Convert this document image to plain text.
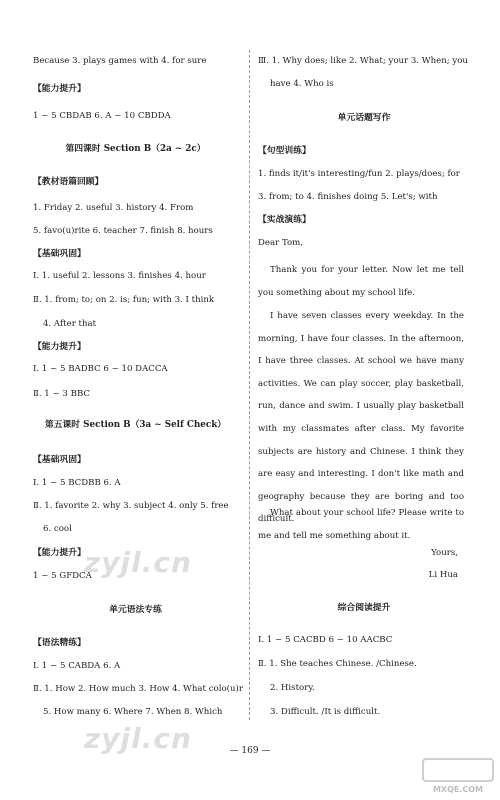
Because 3. plays games with 4. for sure
【能力提升】
1 ~ 5 CBDAB 6. A ~ 10 CBDDA
第四课时 Section B（2a ~ 2c）
【教材语篇回顾】
1. Friday 2. useful 3. history 4. From
5. favo(u)rite 6. teacher 7. finish 8. hours
【基础巩固】
Ⅰ. 1. useful 2. lessons 3. finishes 4. hour
Ⅱ. 1. from; to; on 2. is; fun; with 3. I think
4. After that
【能力提升】
Ⅰ. 1 ~ 5 BADBC 6 ~ 10 DACCA
Ⅱ. 1 ~ 3 BBC
第五课时 Section B（3a ~ Self Check）
【基础巩固】
Ⅰ. 1 ~ 5 BCDBB 6. A
Ⅱ. 1. favorite 2. why 3. subject 4. only 5. free
6. cool
【能力提升】
1 ~ 5 GFDCA
单元语法专练
【语法精练】
Ⅰ. 1 ~ 5 CABDA 6. A
Ⅱ. 1. How 2. How much 3. How 4. What colo(u)r
5. How many 6. Where 7. When 8. Which
Ⅲ. 1. Why does; like 2. What; your 3. When; you
have 4. Who is
单元话题写作
【句型训练】
1. finds it/it's interesting/fun 2. plays/does; for
3. from; to 4. finishes doing 5. Let's; with
【实战演练】
Dear Tom,
Thank you for your letter. Now let me tell you something about my school life.
I have seven classes every weekday. In the morning, I have four classes. In the afternoon, I have three classes. At school we have many activities. We can play soccer, play basketball, run, dance and swim. I usually play basketball with my classmates after class. My favorite subjects are history and Chinese. I think they are easy and interesting. I don't like math and geography because they are boring and too difficult.
What about your school life? Please write to me and tell me something about it.
Yours,
Li Hua
综合阅读提升
Ⅰ. 1 ~ 5 CACBD 6 ~ 10 AACBC
Ⅱ. 1. She teaches Chinese. /Chinese.
2. History.
3. Difficult. /It is difficult.
— 169 —
zyjl.cn
zyjl.cn
MXQE.COM
